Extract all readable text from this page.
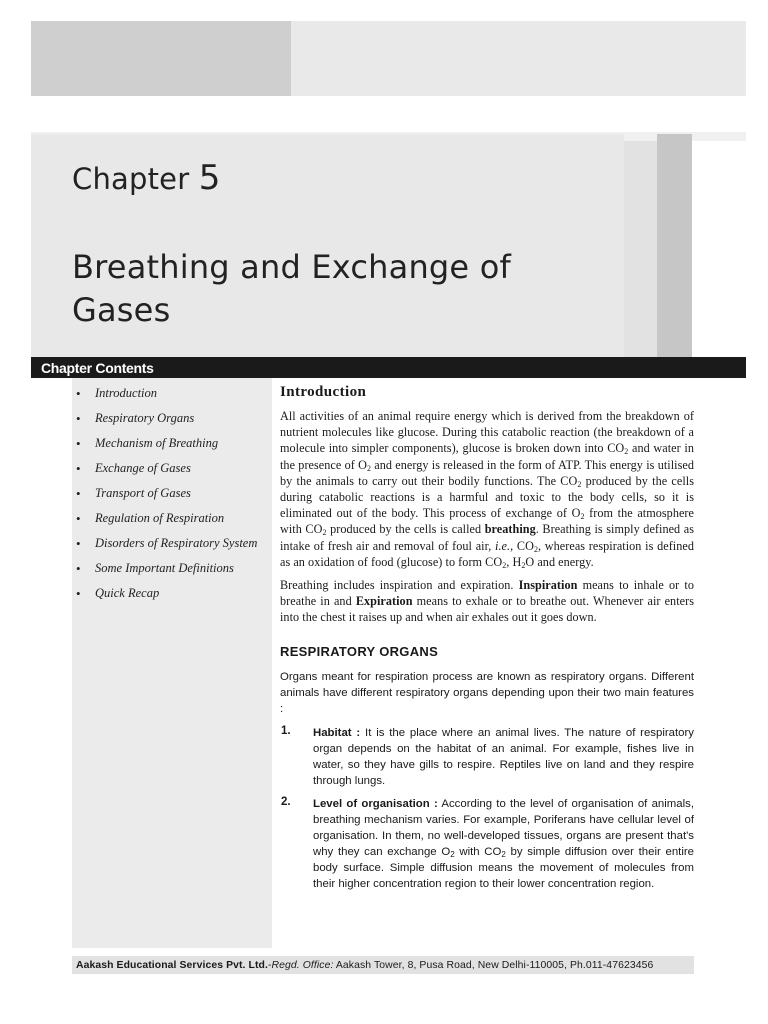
Chapter 5
Breathing and Exchange of Gases
Chapter Contents
• Introduction
• Respiratory Organs
• Mechanism of Breathing
• Exchange of Gases
• Transport of Gases
• Regulation of Respiration
• Disorders of Respiratory System
• Some Important Definitions
• Quick Recap
Introduction

All activities of an animal require energy which is derived from the breakdown of nutrient molecules like glucose. During this catabolic reaction (the breakdown of a molecule into simpler components), glucose is broken down into $CO_2$ and water in the presence of $O_2$ and energy is released in the form of ATP. This energy is utilised by the animals to carry out their bodily functions. The $CO_2$ produced by the cells during catabolic reactions is a harmful and toxic to the body cells, so it is eliminated out of the body. This process of exchange of $O_2$ from the atmosphere with $CO_2$ produced by the cells is called breathing. Breathing is simply defined as intake of fresh air and removal of foul air, i.e., $CO_2$, whereas respiration is defined as an oxidation of food (glucose) to form $CO_2$, $H_2O$ and energy.

Breathing includes inspiration and expiration. Inspiration means to inhale or to breathe in and Expiration means to exhale or to breathe out. Whenever air enters into the chest it raises up and when air exhales out it goes down.

RESPIRATORY ORGANS

Organs meant for respiration process are known as respiratory organs. Different animals have different respiratory organs depending upon their two main features :

1. Habitat : It is the place where an animal lives. The nature of respiratory organ depends on the habitat of an animal. For example, fishes live in water, so they have gills to respire. Reptiles live on land and they respire through lungs.

2. Level of organisation : According to the level of organisation of animals, breathing mechanism varies. For example, Poriferans have cellular level of organisation. In them, no well-developed tissues, organs are present that's why they can exchange $O_2$ with $CO_2$ by simple diffusion over their entire body surface. Simple diffusion means the movement of molecules from their higher concentration region to their lower concentration region.

Aakash Educational Services Pvt. Ltd.-Regd. Office: Aakash Tower, 8, Pusa Road, New Delhi-110005, Ph.011-47623456
